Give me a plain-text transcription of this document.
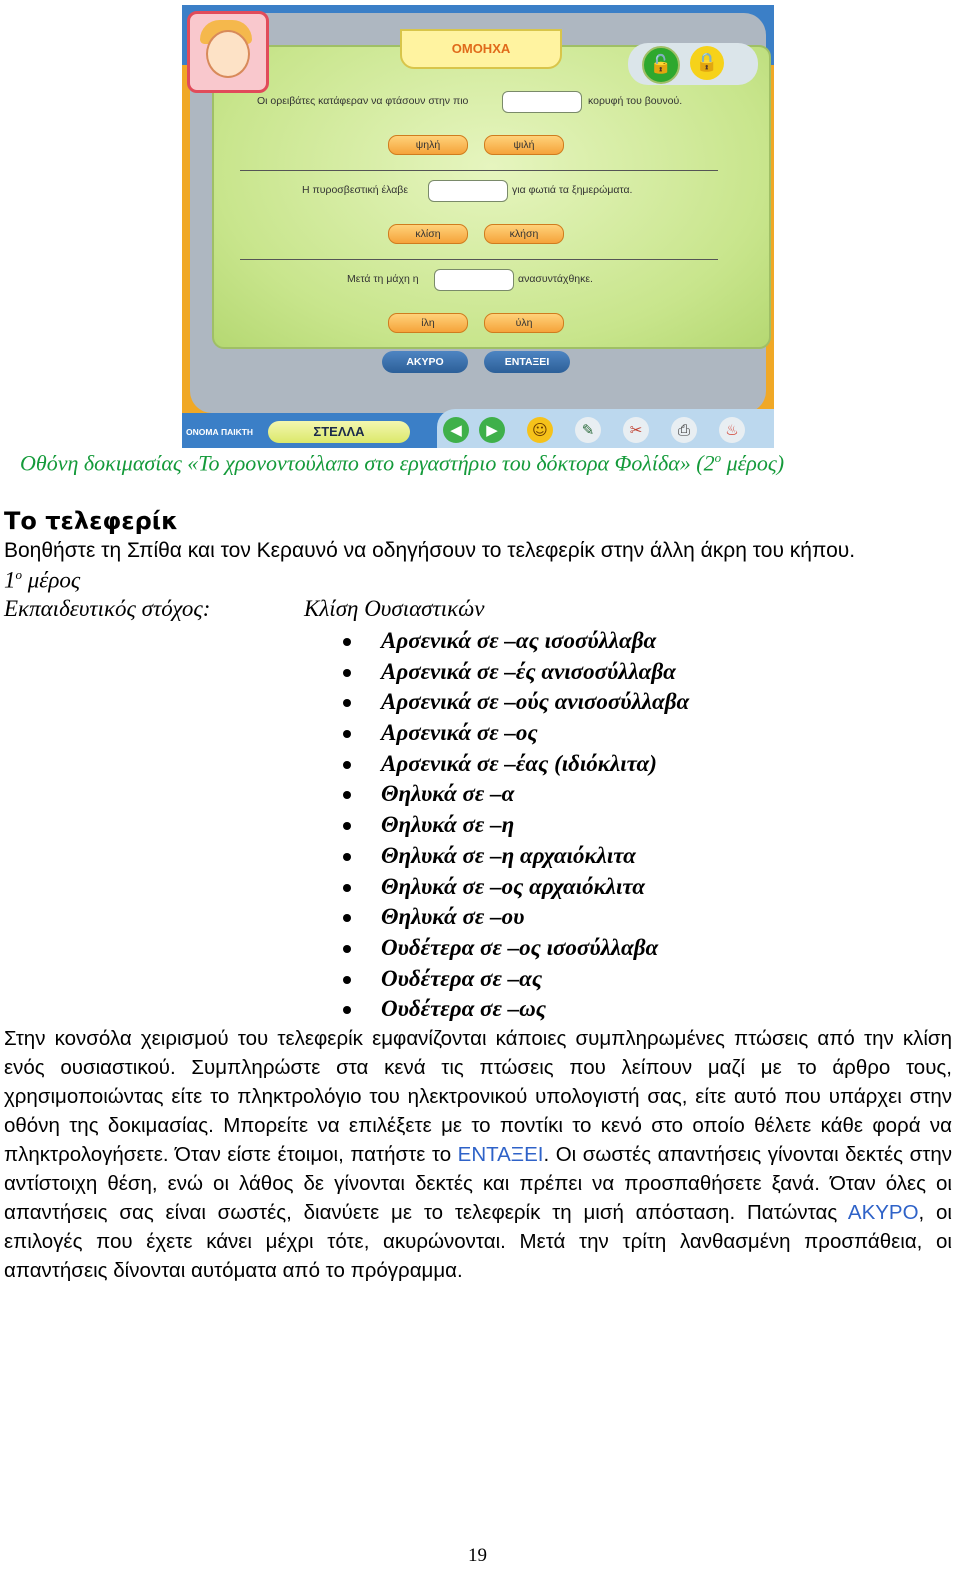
ΟΜΟΗΧΑ
🔓	🔒
Οι ορειβάτες κατάφεραν να φτάσουν στην πιο	κορυφή του βουνού.
ψηλή	ψιλή
Η πυροσβεστική έλαβε	για φωτιά τα ξημερώματα.
κλίση	κλήση
Μετά τη μάχη η	ανασυντάχθηκε.
ίλη	ύλη
ΑΚΥΡΟ	ΕΝΤΑΞΕΙ
ΟΝΟΜΑ ΠΑΙΚΤΗ	ΣΤΕΛΛΑ	◀	▶	☺	✎	✂	⎙	♨
Οθόνη δοκιμασίας «Το χρονοντούλαπο στο εργαστήριο του δόκτορα Φολίδα» ($2^o$ μέρος)
Το τελεφερίκ
Βοηθήστε τη Σπίθα και τον Κεραυνό να οδηγήσουν το τελεφερίκ στην άλλη άκρη του κήπου.
$1^o$ μέρος
Εκπαιδευτικός στόχος:	Κλίση Ουσιαστικών
Αρσενικά σε –ας ισοσύλλαβα
Αρσενικά σε –ές ανισοσύλλαβα
Αρσενικά σε –ούς ανισοσύλλαβα
Αρσενικά σε –ος
Αρσενικά σε –έας (ιδιόκλιτα)
Θηλυκά σε –α
Θηλυκά σε –η
Θηλυκά σε –η αρχαιόκλιτα
Θηλυκά σε –ος αρχαιόκλιτα
Θηλυκά σε –ου
Ουδέτερα σε –ος ισοσύλλαβα
Ουδέτερα σε –ας
Ουδέτερα σε –ως
Στην κονσόλα χειρισμού του τελεφερίκ εμφανίζονται κάποιες συμπληρωμένες πτώσεις από την κλίση ενός ουσιαστικού. Συμπληρώστε στα κενά τις πτώσεις που λείπουν μαζί με το άρθρο τους, χρησιμοποιώντας είτε το πληκτρολόγιο του ηλεκτρονικού υπολογιστή σας, είτε αυτό που υπάρχει στην οθόνη της δοκιμασίας. Μπορείτε να επιλέξετε με το ποντίκι το κενό στο οποίο θέλετε κάθε φορά να πληκτρολογήσετε. Όταν είστε έτοιμοι, πατήστε το ΕΝΤΑΞΕΙ. Οι σωστές απαντήσεις γίνονται δεκτές στην αντίστοιχη θέση, ενώ οι λάθος δε γίνονται δεκτές και πρέπει να προσπαθήσετε ξανά. Όταν όλες οι απαντήσεις σας είναι σωστές, διανύετε με το τελεφερίκ τη μισή απόσταση. Πατώντας ΑΚΥΡΟ, οι επιλογές που έχετε κάνει μέχρι τότε, ακυρώνονται. Μετά την τρίτη λανθασμένη προσπάθεια, οι απαντήσεις δίνονται αυτόματα από το πρόγραμμα.
19
